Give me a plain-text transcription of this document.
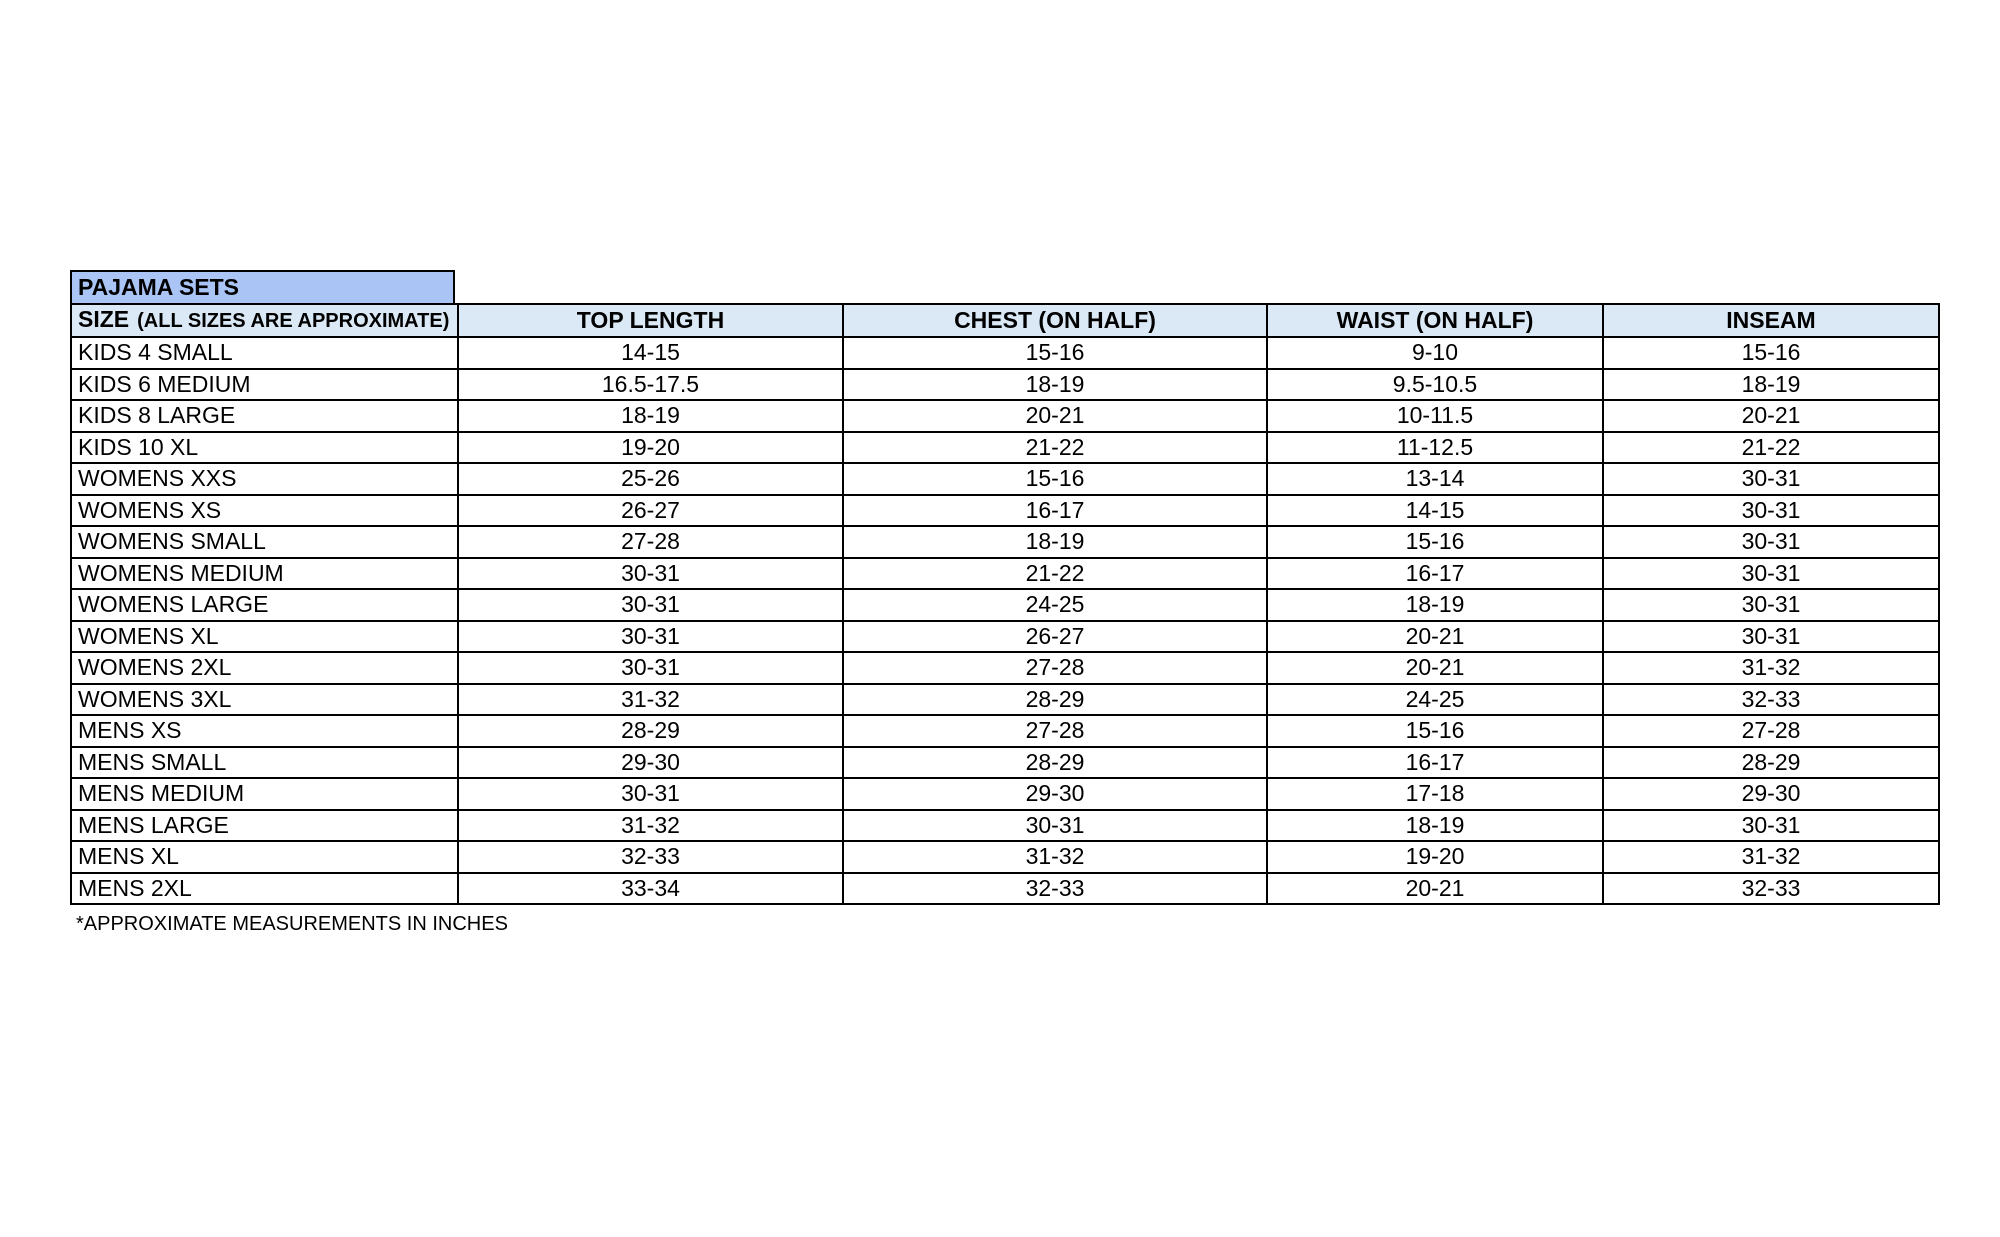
PAJAMA SETS
SIZE (ALL SIZES ARE APPROXIMATE)	TOP LENGTH	CHEST (ON HALF)	WAIST (ON HALF)	INSEAM
KIDS 4 SMALL	14-15	15-16	9-10	15-16
KIDS 6 MEDIUM	16.5-17.5	18-19	9.5-10.5	18-19
KIDS 8 LARGE	18-19	20-21	10-11.5	20-21
KIDS 10 XL	19-20	21-22	11-12.5	21-22
WOMENS XXS	25-26	15-16	13-14	30-31
WOMENS XS	26-27	16-17	14-15	30-31
WOMENS SMALL	27-28	18-19	15-16	30-31
WOMENS MEDIUM	30-31	21-22	16-17	30-31
WOMENS LARGE	30-31	24-25	18-19	30-31
WOMENS XL	30-31	26-27	20-21	30-31
WOMENS 2XL	30-31	27-28	20-21	31-32
WOMENS 3XL	31-32	28-29	24-25	32-33
MENS XS	28-29	27-28	15-16	27-28
MENS SMALL	29-30	28-29	16-17	28-29
MENS MEDIUM	30-31	29-30	17-18	29-30
MENS LARGE	31-32	30-31	18-19	30-31
MENS XL	32-33	31-32	19-20	31-32
MENS 2XL	33-34	32-33	20-21	32-33
*APPROXIMATE MEASUREMENTS IN INCHES
